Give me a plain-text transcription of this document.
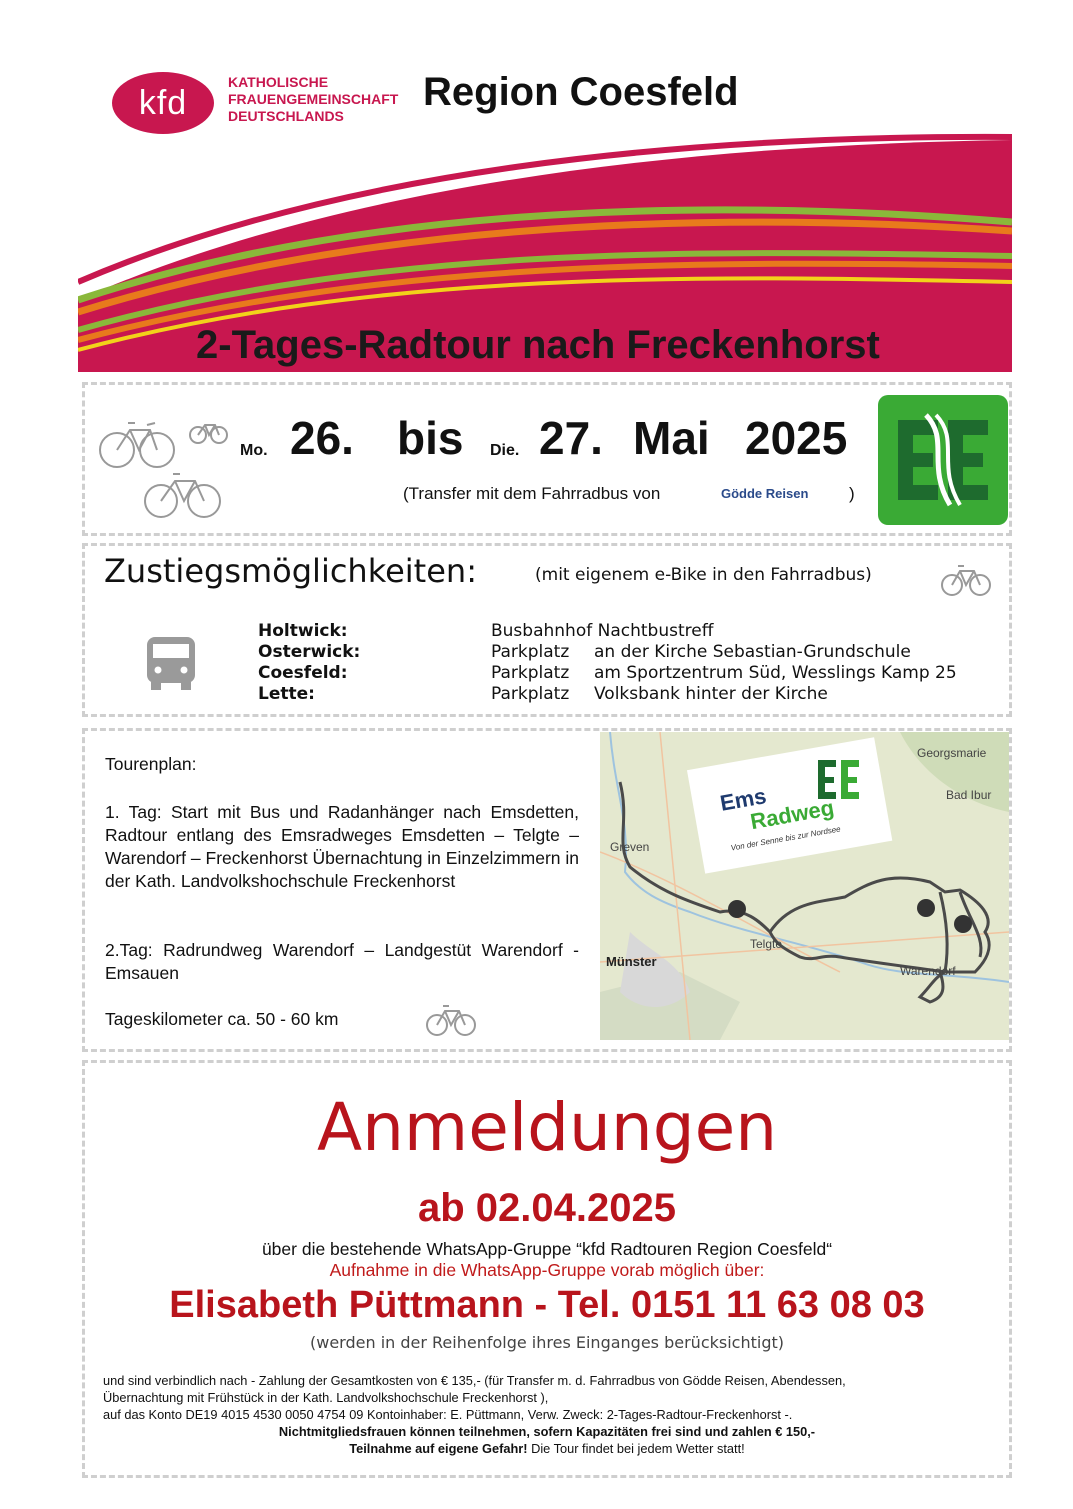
kfd
KATHOLISCHE
FRAUENGEMEINSCHAFT
DEUTSCHLANDS
Region Coesfeld
2-Tages-Radtour nach Freckenhorst
Mo. 26. bis Die. 27. Mai 2025
(Transfer mit dem Fahrradbus von	Gödde Reisen )
Zustiegsmöglichkeiten:	(mit eigenem e-Bike in den Fahrradbus)
Holtwick:	Busbahnhof Nachtbustreff
Osterwick:	Parkplatz an der Kirche Sebastian-Grundschule
Coesfeld:	Parkplatz am Sportzentrum Süd, Wesslings Kamp 25
Lette:	Parkplatz Volksbank hinter der Kirche
Tourenplan:
1. Tag: Start mit Bus und Radanhänger nach Emsdetten, Radtour entlang des Emsradweges Emsdetten – Telgte – Warendorf – Freckenhorst Übernachtung in Einzelzimmern in der Kath. Landvolkshochschule Freckenhorst
2.Tag: Radrundweg Warendorf – Landgestüt Warendorf - Emsauen
Tageskilometer ca. 50 - 60 km
Ems
Radweg
Von der Senne bis zur Nordsee
Georgsmarie
Bad Ibur
Greven
Telgte
Münster
Warendorf
Anmeldungen
ab 02.04.2025
über die bestehende WhatsApp-Gruppe “kfd Radtouren Region Coesfeld“
Aufnahme in die WhatsApp-Gruppe vorab möglich über:
Elisabeth Püttmann - Tel. 0151 11 63 08 03
(werden in der Reihenfolge ihres Einganges berücksichtigt)
und sind verbindlich nach - Zahlung der Gesamtkosten von € 135,- (für Transfer m. d. Fahrradbus von Gödde Reisen, Abendessen,
Übernachtung mit Frühstück in der Kath. Landvolkshochschule Freckenhorst ),
auf das Konto DE19 4015 4530 0050 4754 09 Kontoinhaber: E. Püttmann, Verw. Zweck: 2-Tages-Radtour-Freckenhorst -.
Nichtmitgliedsfrauen können teilnehmen, sofern Kapazitäten frei sind und zahlen € 150,-
Teilnahme auf eigene Gefahr! Die Tour findet bei jedem Wetter statt!
